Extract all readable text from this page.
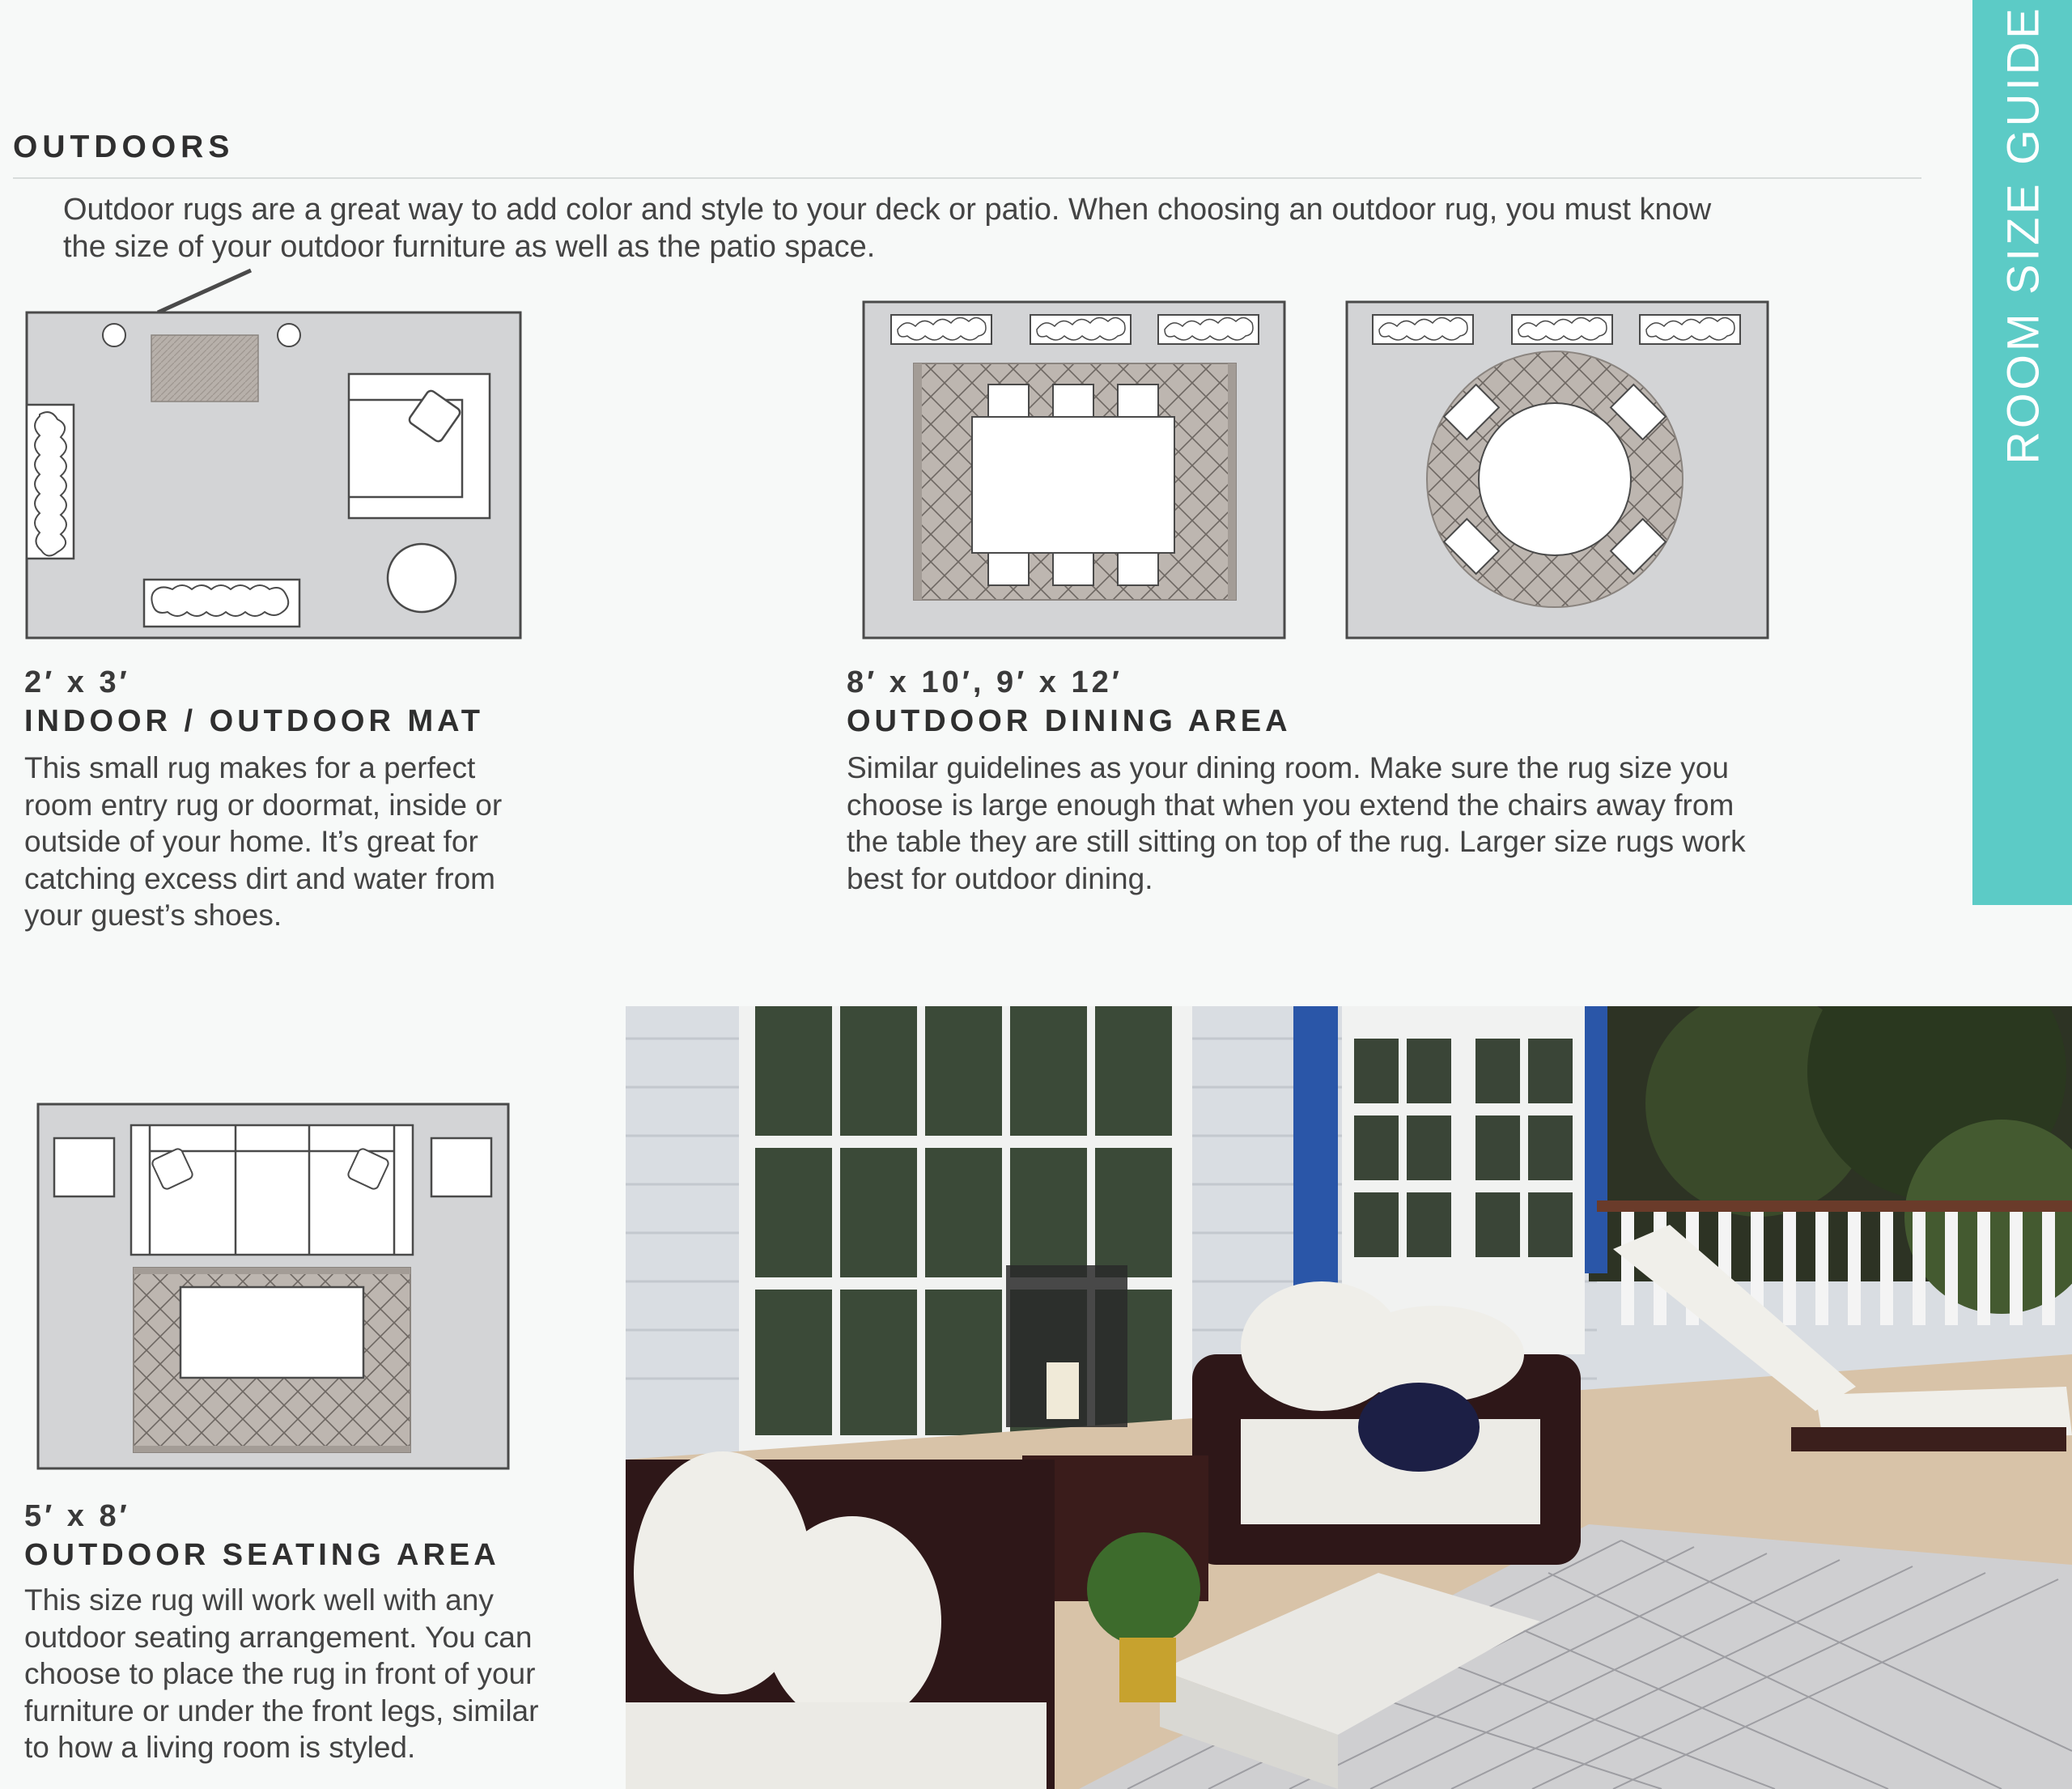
ROOM SIZE GUIDE
OUTDOORS
Outdoor rugs are a great way to add color and style to your deck or patio. When choosing an outdoor rug, you must know the size of your outdoor furniture as well as the patio space.
2′ x 3′
INDOOR / OUTDOOR MAT
This small rug makes for a perfect room entry rug or doormat, inside or outside of your home. It’s great for catching excess dirt and water from your guest’s shoes.
8′ x 10′, 9′ x 12′
OUTDOOR DINING AREA
Similar guidelines as your dining room. Make sure the rug size you choose is large enough that when you extend the chairs away from the table they are still sitting on top of the rug. Larger size rugs work best for outdoor dining.
5′ x 8′
OUTDOOR SEATING AREA
This size rug will work well with any outdoor seating arrangement. You can choose to place the rug in front of your furniture or under the front legs, similar to how a living room is styled.
